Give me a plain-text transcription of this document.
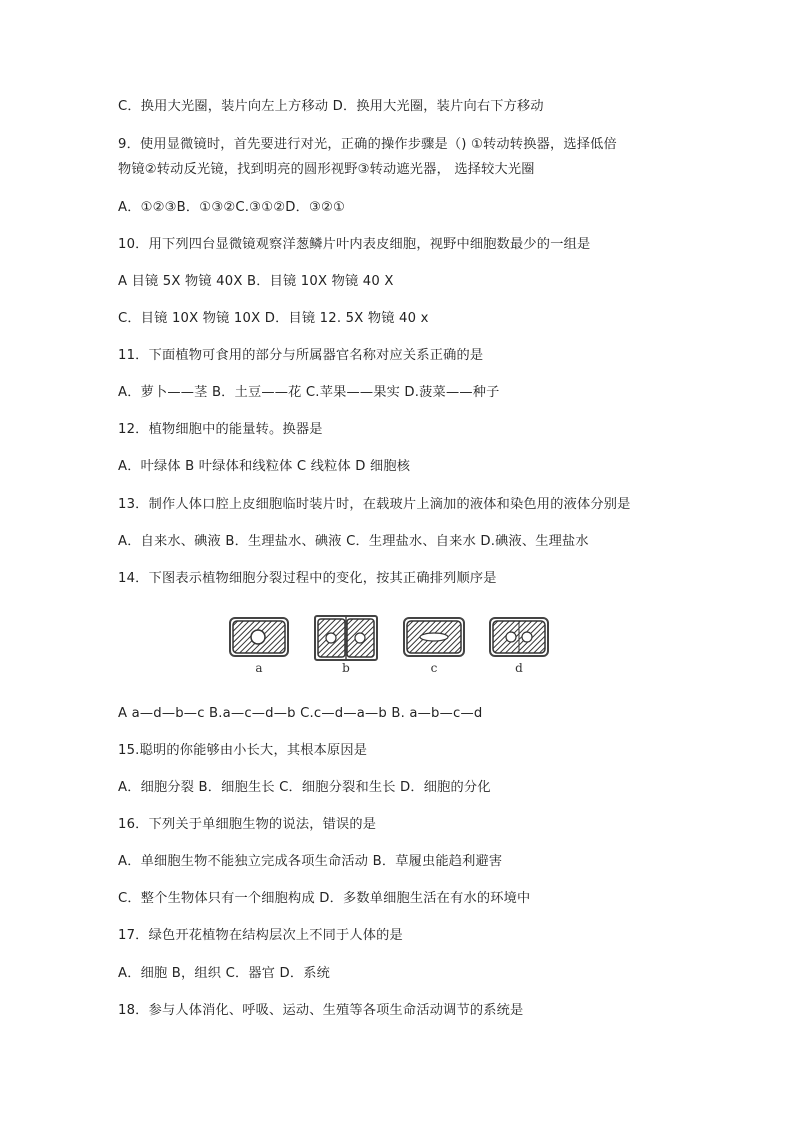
C．换用大光圈，装片向左上方移动 D．换用大光圈，装片向右下方移动
9．使用显微镜时，首先要进行对光，正确的操作步骤是（) ①转动转换器，选择低倍
物镜②转动反光镜，找到明亮的圆形视野③转动遮光器， 选择较大光圈
A．①②③B．①③②C.③①②D．③②①
10．用下列四台显微镜观察洋葱鳞片叶内表皮细胞，视野中细胞数最少的一组是
A 目镜 5X 物镜 40X B．目镜 10X 物镜 40 X
C．目镜 10X 物镜 10X D．目镜 12. 5X 物镜 40 x
11．下面植物可食用的部分与所属器官名称对应关系正确的是
A．萝卜——茎 B．土豆——花 C.苹果——果实 D.菠菜——种子
12．植物细胞中的能量转。换器是
A．叶绿体 B 叶绿体和线粒体 C 线粒体 D 细胞核
13．制作人体口腔上皮细胞临时装片时，在载玻片上滴加的液体和染色用的液体分别是
A．自来水、碘液 B．生理盐水、碘液 C．生理盐水、自来水 D.碘液、生理盐水
14．下图表示植物细胞分裂过程中的变化，按其正确排列顺序是
a	b	c	d
A a—d—b—c B.a—c—d—b C.c—d—a—b B. a—b—c—d
15.聪明的你能够由小长大，其根本原因是
A．细胞分裂 B．细胞生长 C．细胞分裂和生长 D．细胞的分化
16．下列关于单细胞生物的说法，错误的是
A．单细胞生物不能独立完成各项生命活动 B．草履虫能趋利避害
C．整个生物体只有一个细胞构成 D．多数单细胞生活在有水的环境中
17．绿色开花植物在结构层次上不同于人体的是
A．细胞 B，组织 C．器官 D．系统
18．参与人体消化、呼吸、运动、生殖等各项生命活动调节的系统是
